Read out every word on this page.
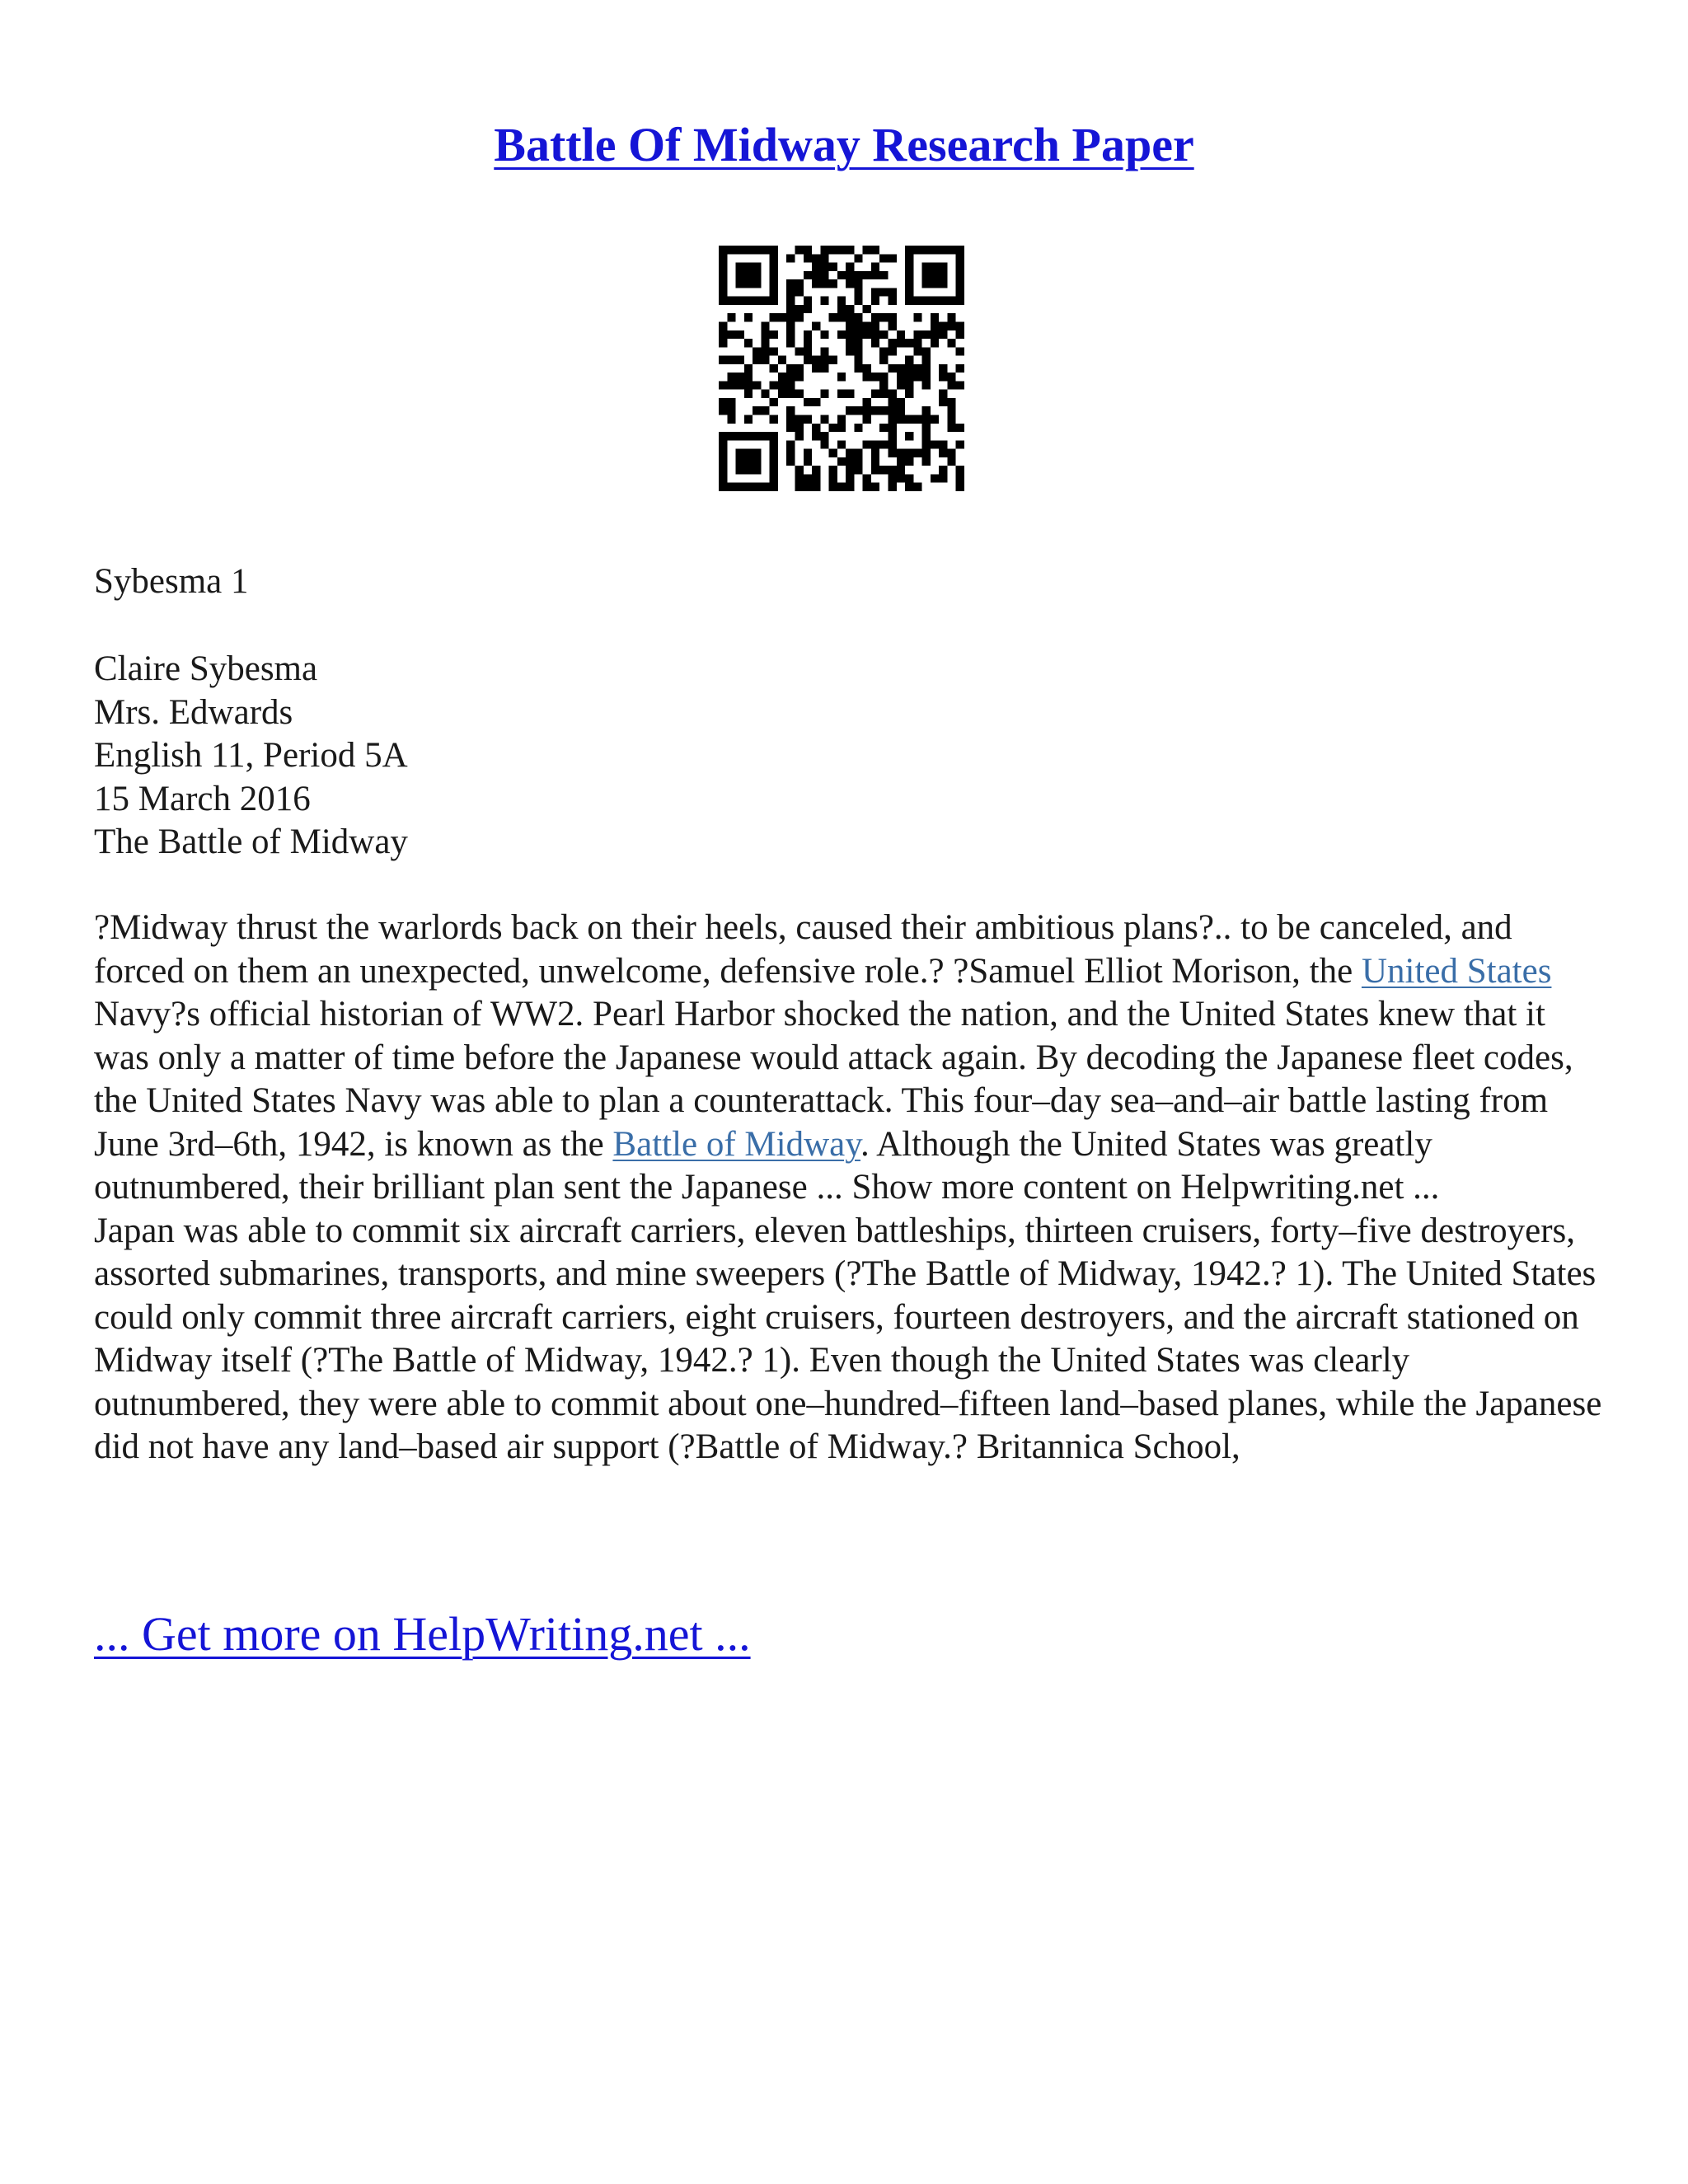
Battle Of Midway Research Paper
Sybesma 1
Claire Sybesma
Mrs. Edwards
English 11, Period 5A
15 March 2016
The Battle of Midway
?Midway thrust the warlords back on their heels, caused their ambitious plans?.. to be canceled, and forced on them an unexpected, unwelcome, defensive role.? ?Samuel Elliot Morison, the United States Navy?s official historian of WW2. Pearl Harbor shocked the nation, and the United States knew that it was only a matter of time before the Japanese would attack again. By decoding the Japanese fleet codes, the United States Navy was able to plan a counterattack. This four–day sea–and–air battle lasting from June 3rd–6th, 1942, is known as the Battle of Midway. Although the United States was greatly outnumbered, their brilliant plan sent the Japanese ... Show more content on Helpwriting.net ...
Japan was able to commit six aircraft carriers, eleven battleships, thirteen cruisers, forty–five destroyers, assorted submarines, transports, and mine sweepers (?The Battle of Midway, 1942.? 1). The United States could only commit three aircraft carriers, eight cruisers, fourteen destroyers, and the aircraft stationed on Midway itself (?The Battle of Midway, 1942.? 1). Even though the United States was clearly outnumbered, they were able to commit about one–hundred–fifteen land–based planes, while the Japanese did not have any land–based air support (?Battle of Midway.? Britannica School,
... Get more on HelpWriting.net ...
